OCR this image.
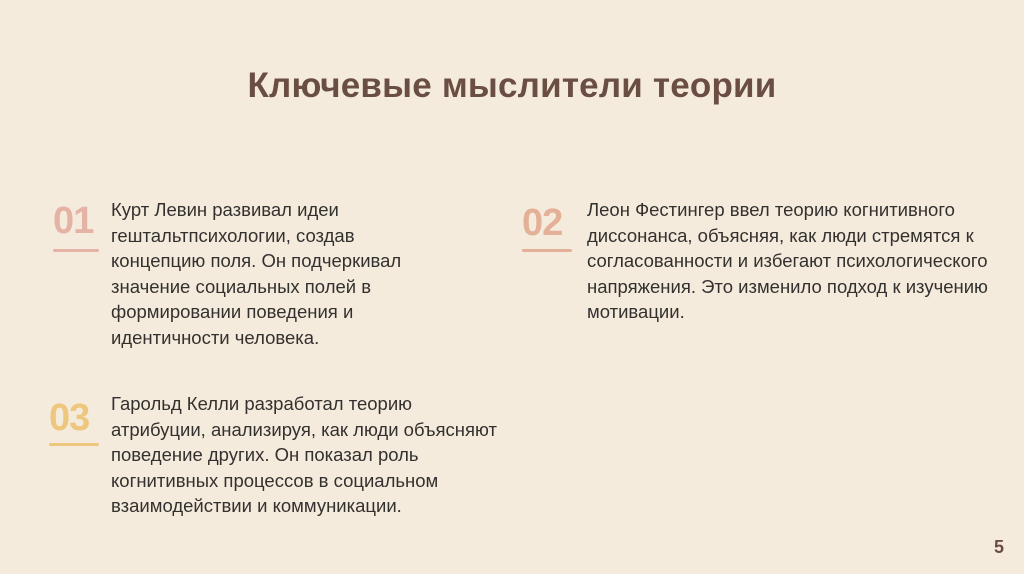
Ключевые мыслители теории
01 Курт Левин развивал идеи гештальтпсихологии, создав концепцию поля. Он подчеркивал значение социальных полей в формировании поведения и идентичности человека.
02 Леон Фестингер ввел теорию когнитивного диссонанса, объясняя, как люди стремятся к согласованности и избегают психологического напряжения. Это изменило подход к изучению мотивации.
03 Гарольд Келли разработал теорию атрибуции, анализируя, как люди объясняют поведение других. Он показал роль когнитивных процессов в социальном взаимодействии и коммуникации.
5
